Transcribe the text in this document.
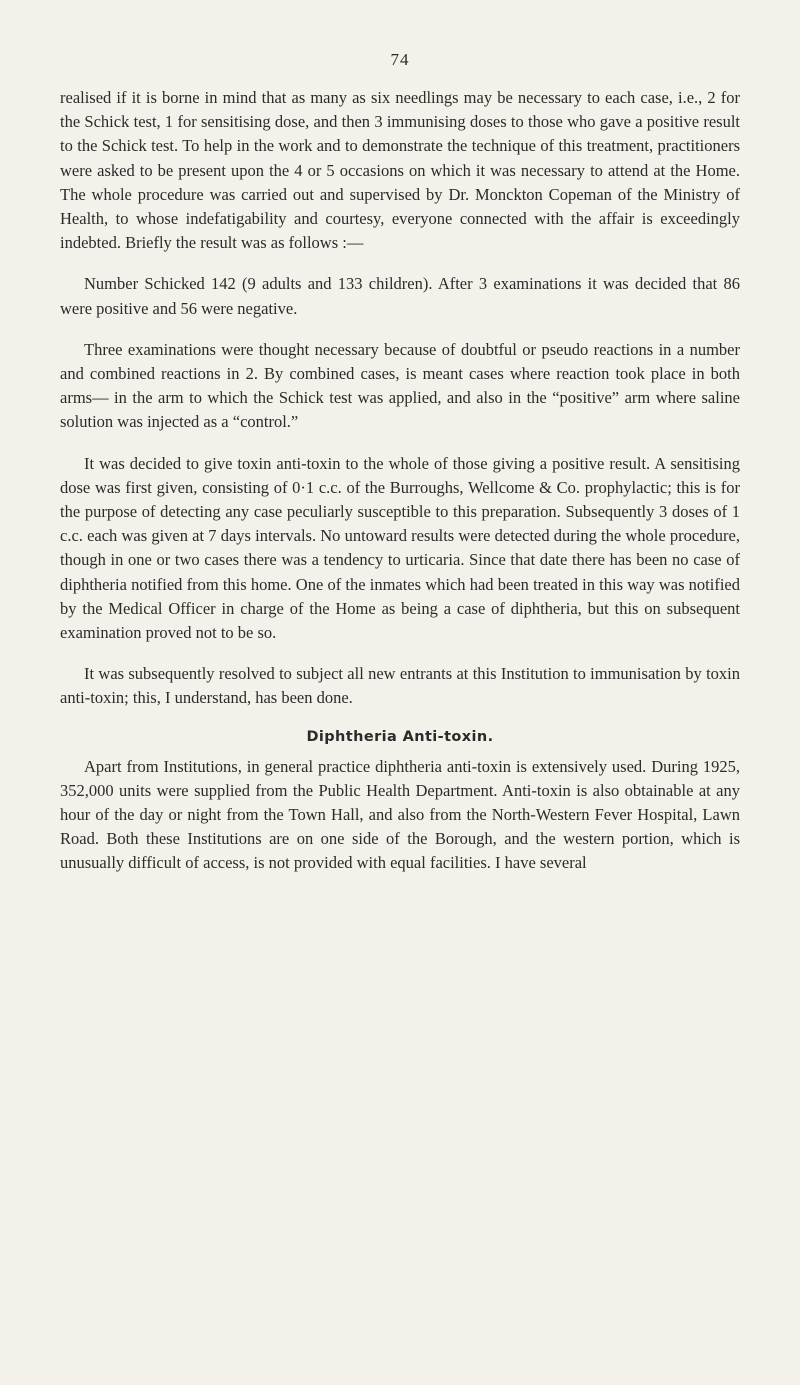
74

realised if it is borne in mind that as many as six needlings may be necessary to each case, i.e., 2 for the Schick test, 1 for sensitising dose, and then 3 immunising doses to those who gave a positive result to the Schick test. To help in the work and to demonstrate the technique of this treatment, practitioners were asked to be present upon the 4 or 5 occasions on which it was necessary to attend at the Home. The whole procedure was carried out and supervised by Dr. Monckton Copeman of the Ministry of Health, to whose indefatigability and courtesy, everyone connected with the affair is exceedingly indebted. Briefly the result was as follows :—

Number Schicked 142 (9 adults and 133 children). After 3 examinations it was decided that 86 were positive and 56 were negative.

Three examinations were thought necessary because of doubtful or pseudo reactions in a number and combined reactions in 2. By combined cases, is meant cases where reaction took place in both arms— in the arm to which the Schick test was applied, and also in the “positive” arm where saline solution was injected as a “control.”

It was decided to give toxin anti-toxin to the whole of those giving a positive result. A sensitising dose was first given, consisting of 0·1 c.c. of the Burroughs, Wellcome & Co. prophylactic; this is for the purpose of detecting any case peculiarly susceptible to this preparation. Subsequently 3 doses of 1 c.c. each was given at 7 days intervals. No untoward results were detected during the whole procedure, though in one or two cases there was a tendency to urticaria. Since that date there has been no case of diphtheria notified from this home. One of the inmates which had been treated in this way was notified by the Medical Officer in charge of the Home as being a case of diphtheria, but this on subsequent examination proved not to be so.

It was subsequently resolved to subject all new entrants at this Institution to immunisation by toxin anti-toxin; this, I understand, has been done.

Diphtheria Anti-toxin.

Apart from Institutions, in general practice diphtheria anti-toxin is extensively used. During 1925, 352,000 units were supplied from the Public Health Department. Anti-toxin is also obtainable at any hour of the day or night from the Town Hall, and also from the North-Western Fever Hospital, Lawn Road. Both these Institutions are on one side of the Borough, and the western portion, which is unusually difficult of access, is not provided with equal facilities. I have several
